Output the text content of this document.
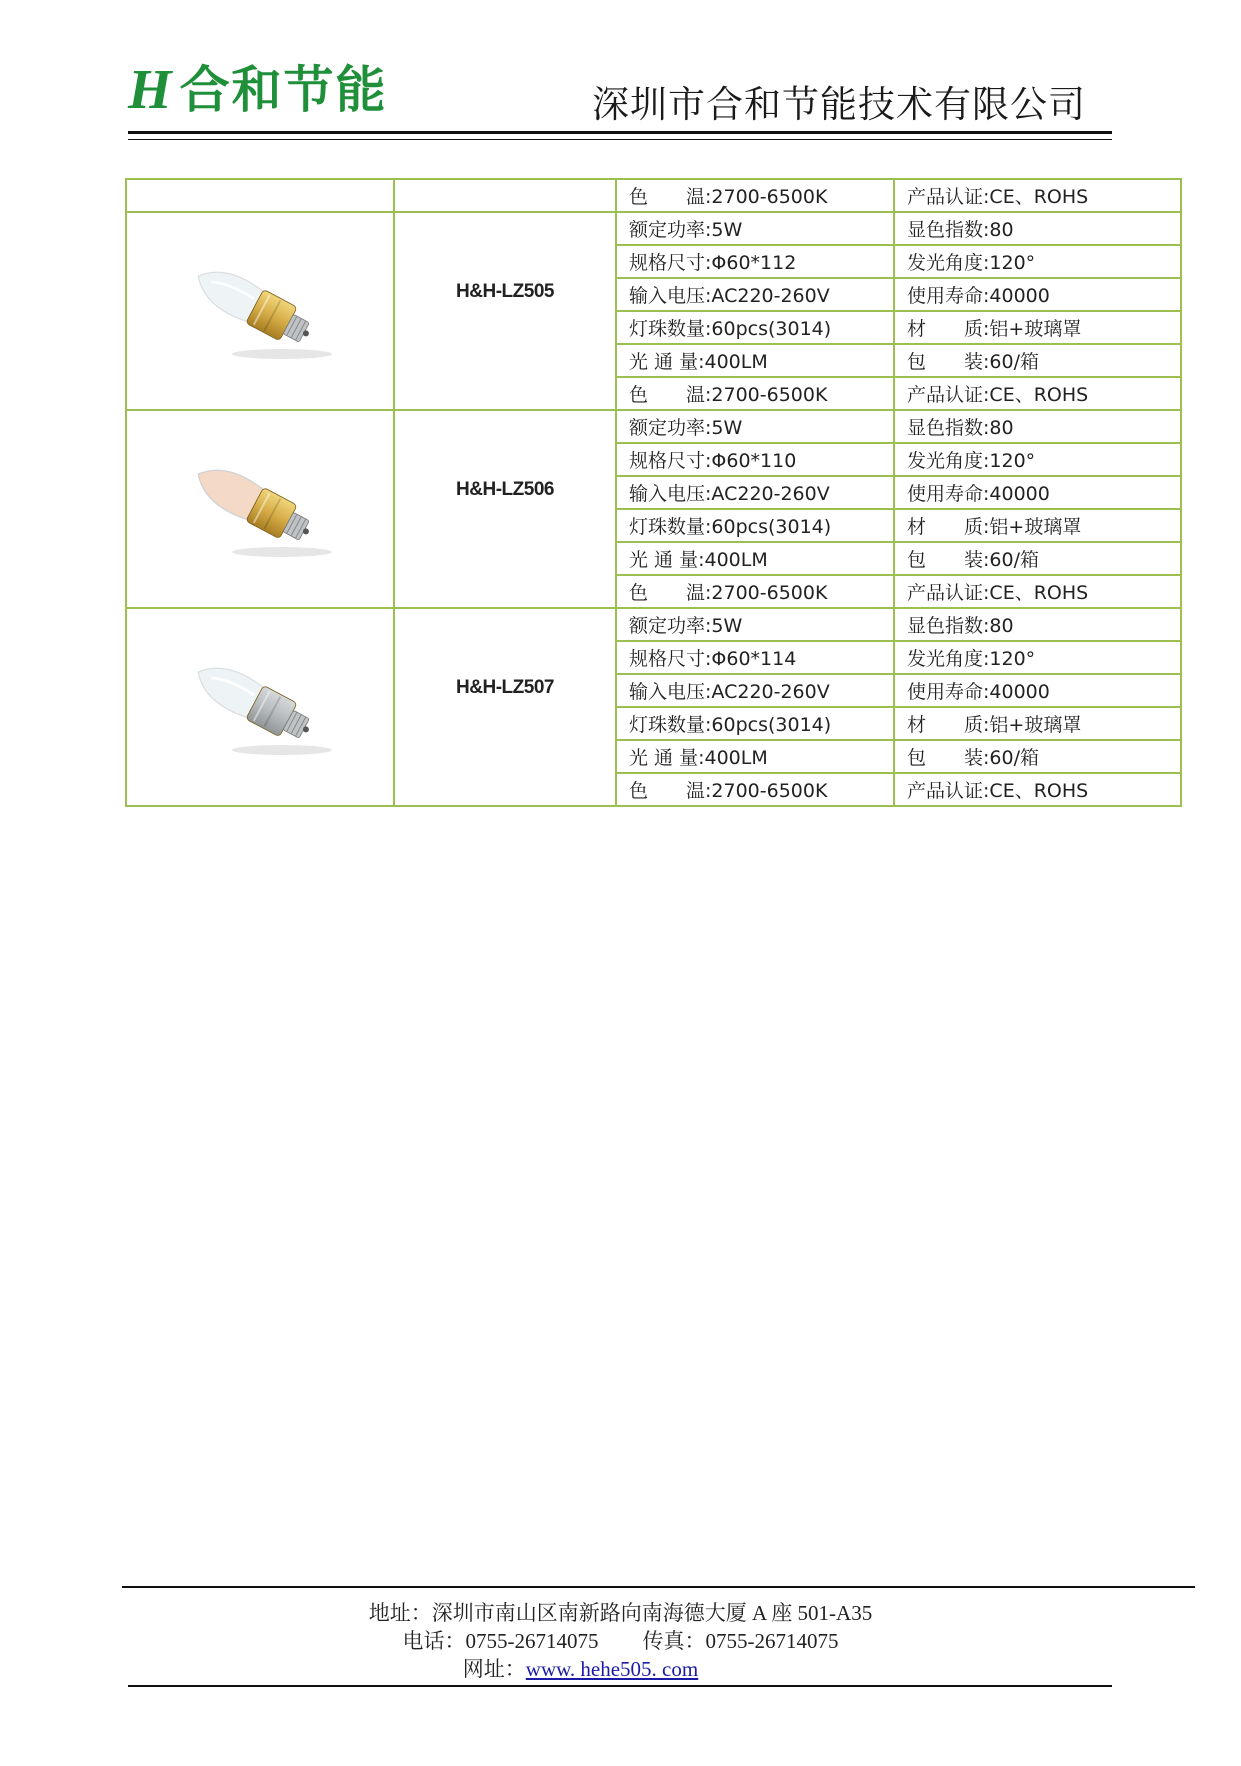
H 合和节能	深圳市合和节能技术有限公司
		色　　温:2700-6500K	产品认证:CE、ROHS
	H&H-LZ505	额定功率:5W	显色指数:80
		规格尺寸:Φ60*112	发光角度:120°
		输入电压:AC220-260V	使用寿命:40000
		灯珠数量:60pcs(3014)	材　　质:铝+玻璃罩
		光 通 量:400LM	包　　装:60/箱
		色　　温:2700-6500K	产品认证:CE、ROHS
	H&H-LZ506	额定功率:5W	显色指数:80
		规格尺寸:Φ60*110	发光角度:120°
		输入电压:AC220-260V	使用寿命:40000
		灯珠数量:60pcs(3014)	材　　质:铝+玻璃罩
		光 通 量:400LM	包　　装:60/箱
		色　　温:2700-6500K	产品认证:CE、ROHS
	H&H-LZ507	额定功率:5W	显色指数:80
		规格尺寸:Φ60*114	发光角度:120°
		输入电压:AC220-260V	使用寿命:40000
		灯珠数量:60pcs(3014)	材　　质:铝+玻璃罩
		光 通 量:400LM	包　　装:60/箱
		色　　温:2700-6500K	产品认证:CE、ROHS
地址：深圳市南山区南新路向南海德大厦 A 座 501-A35
电话：0755-26714075 传真：0755-26714075
网址：www. hehe505. com
